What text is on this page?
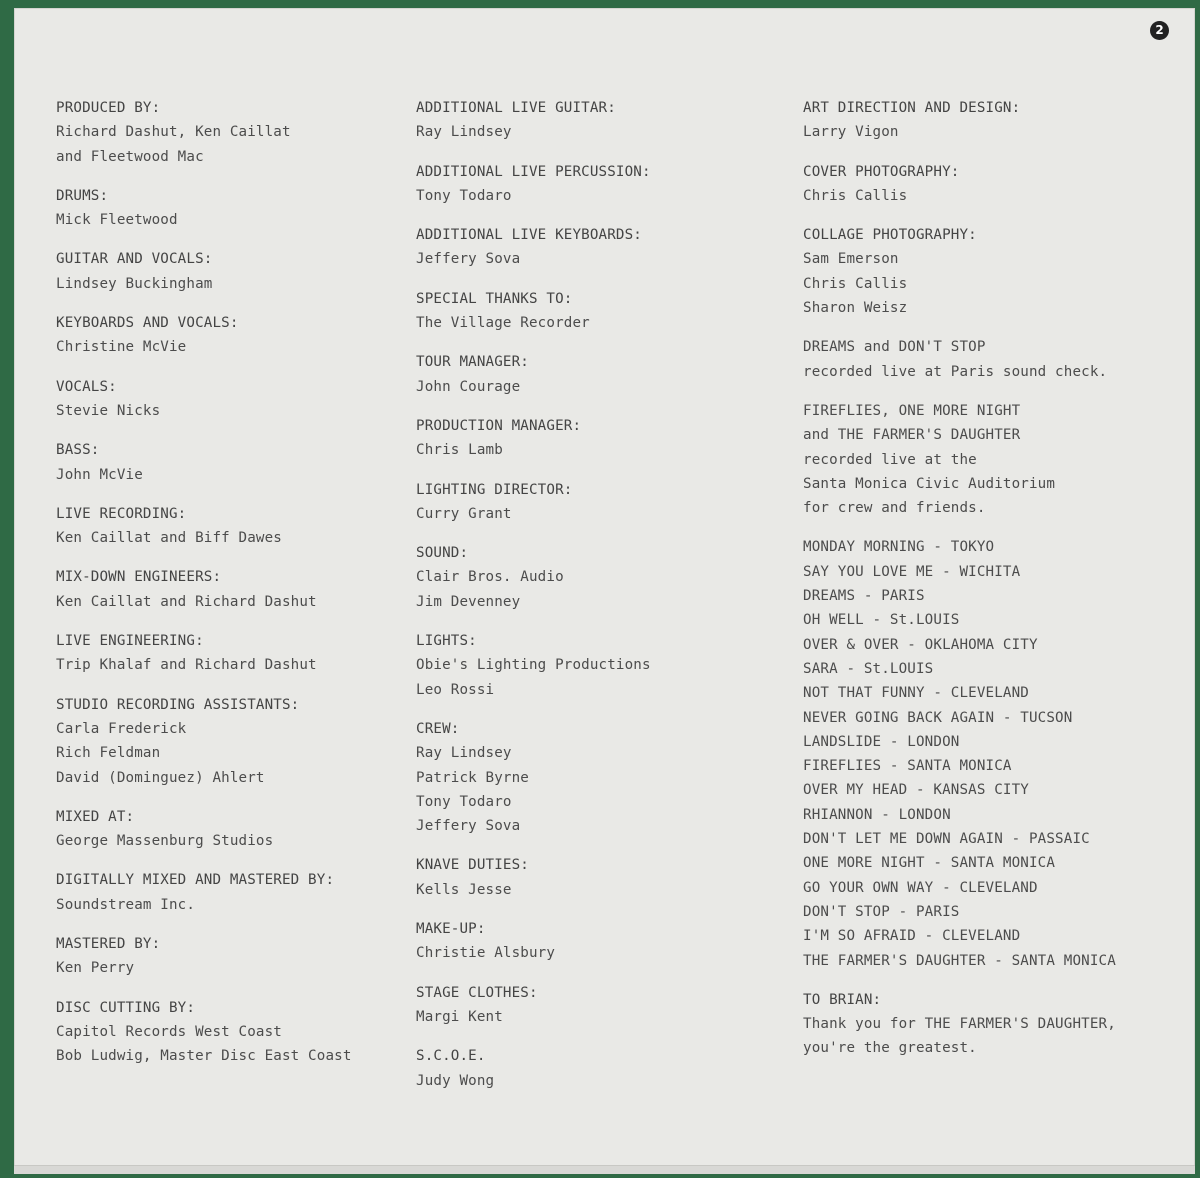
2
PRODUCED BY:
Richard Dashut, Ken Caillat
and Fleetwood Mac
DRUMS:
Mick Fleetwood
GUITAR AND VOCALS:
Lindsey Buckingham
KEYBOARDS AND VOCALS:
Christine McVie
VOCALS:
Stevie Nicks
BASS:
John McVie
LIVE RECORDING:
Ken Caillat and Biff Dawes
MIX-DOWN ENGINEERS:
Ken Caillat and Richard Dashut
LIVE ENGINEERING:
Trip Khalaf and Richard Dashut
STUDIO RECORDING ASSISTANTS:
Carla Frederick
Rich Feldman
David (Dominguez) Ahlert
MIXED AT:
George Massenburg Studios
DIGITALLY MIXED AND MASTERED BY:
Soundstream Inc.
MASTERED BY:
Ken Perry
DISC CUTTING BY:
Capitol Records West Coast
Bob Ludwig, Master Disc East Coast
ADDITIONAL LIVE GUITAR:
Ray Lindsey
ADDITIONAL LIVE PERCUSSION:
Tony Todaro
ADDITIONAL LIVE KEYBOARDS:
Jeffery Sova
SPECIAL THANKS TO:
The Village Recorder
TOUR MANAGER:
John Courage
PRODUCTION MANAGER:
Chris Lamb
LIGHTING DIRECTOR:
Curry Grant
SOUND:
Clair Bros. Audio
Jim Devenney
LIGHTS:
Obie's Lighting Productions
Leo Rossi
CREW:
Ray Lindsey
Patrick Byrne
Tony Todaro
Jeffery Sova
KNAVE DUTIES:
Kells Jesse
MAKE-UP:
Christie Alsbury
STAGE CLOTHES:
Margi Kent
S.C.O.E.
Judy Wong
ART DIRECTION AND DESIGN:
Larry Vigon
COVER PHOTOGRAPHY:
Chris Callis
COLLAGE PHOTOGRAPHY:
Sam Emerson
Chris Callis
Sharon Weisz
DREAMS and DON'T STOP
recorded live at Paris sound check.
FIREFLIES, ONE MORE NIGHT
and THE FARMER'S DAUGHTER
recorded live at the
Santa Monica Civic Auditorium
for crew and friends.
MONDAY MORNING - TOKYO
SAY YOU LOVE ME - WICHITA
DREAMS - PARIS
OH WELL - St.LOUIS
OVER & OVER - OKLAHOMA CITY
SARA - St.LOUIS
NOT THAT FUNNY - CLEVELAND
NEVER GOING BACK AGAIN - TUCSON
LANDSLIDE - LONDON
FIREFLIES - SANTA MONICA
OVER MY HEAD - KANSAS CITY
RHIANNON - LONDON
DON'T LET ME DOWN AGAIN - PASSAIC
ONE MORE NIGHT - SANTA MONICA
GO YOUR OWN WAY - CLEVELAND
DON'T STOP - PARIS
I'M SO AFRAID - CLEVELAND
THE FARMER'S DAUGHTER - SANTA MONICA
TO BRIAN:
Thank you for THE FARMER'S DAUGHTER,
you're the greatest.
